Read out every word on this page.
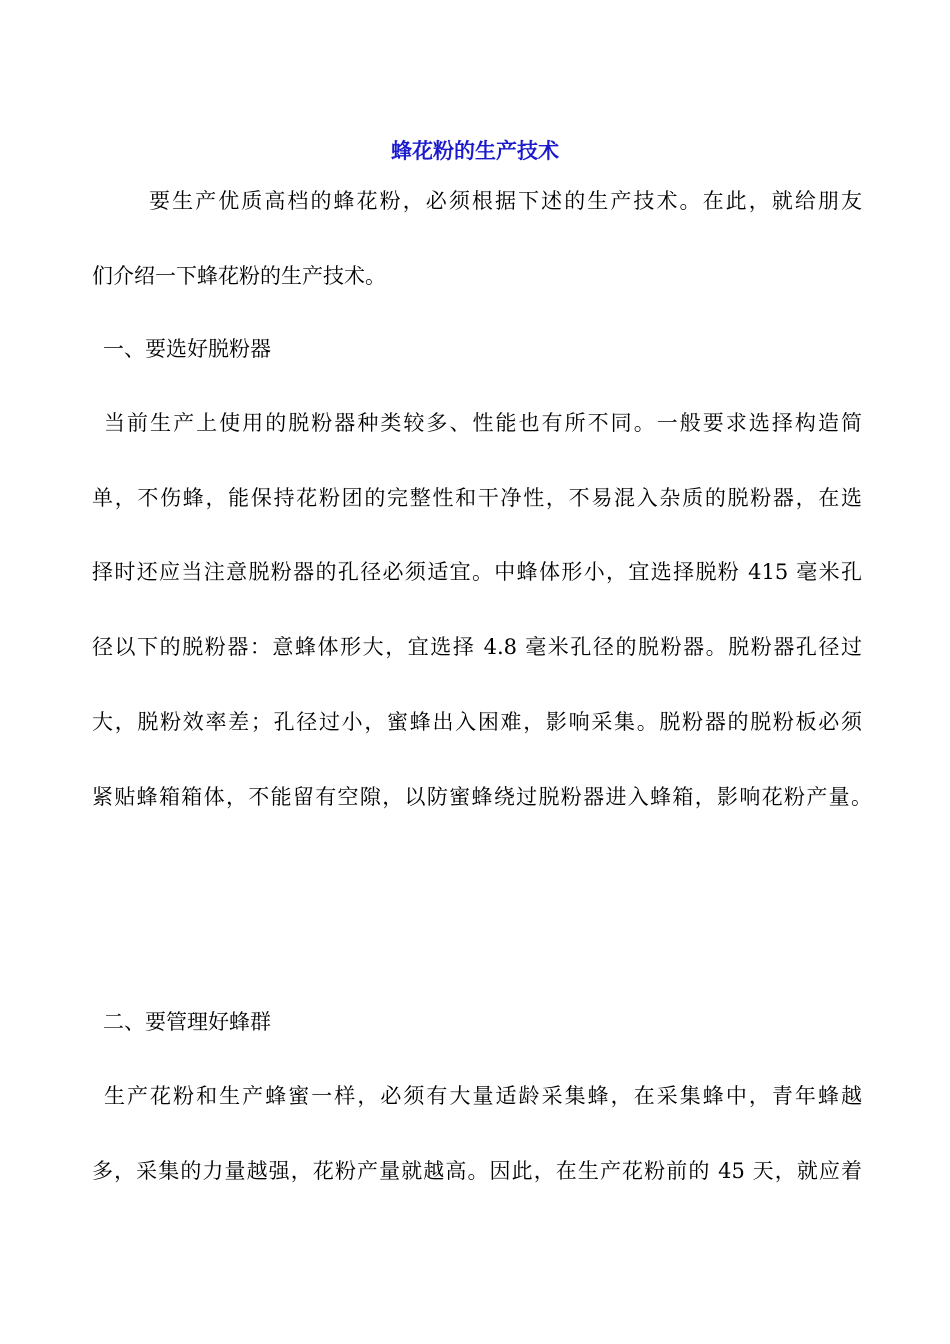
蜂花粉的生产技术
要生产优质高档的蜂花粉，必须根据下述的生产技术。在此，就给朋友
们介绍一下蜂花粉的生产技术。
一、要选好脱粉器
当前生产上使用的脱粉器种类较多、性能也有所不同。一般要求选择构造简
单，不伤蜂，能保持花粉团的完整性和干净性，不易混入杂质的脱粉器，在选
择时还应当注意脱粉器的孔径必须适宜。中蜂体形小，宜选择脱粉 415 毫米孔
径以下的脱粉器：意蜂体形大，宜选择 4.8 毫米孔径的脱粉器。脱粉器孔径过
大，脱粉效率差；孔径过小，蜜蜂出入困难，影响采集。脱粉器的脱粉板必须
紧贴蜂箱箱体，不能留有空隙，以防蜜蜂绕过脱粉器进入蜂箱，影响花粉产量。
二、要管理好蜂群
生产花粉和生产蜂蜜一样，必须有大量适龄采集蜂，在采集蜂中，青年蜂越
多，采集的力量越强，花粉产量就越高。因此，在生产花粉前的 45 天，就应着
